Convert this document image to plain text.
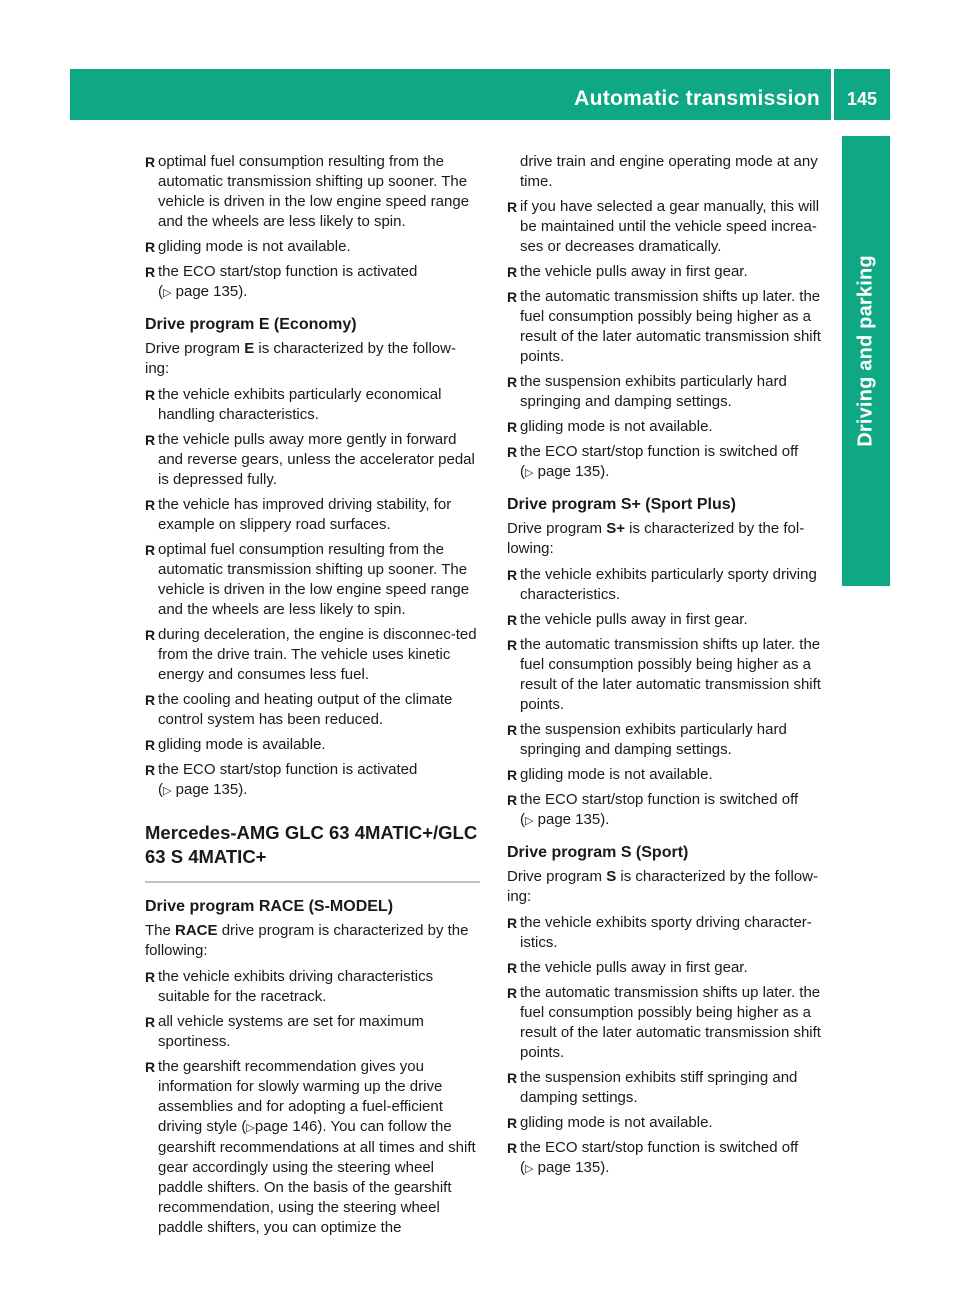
Automatic transmission	145
Driving and parking
R optimal fuel consumption resulting from the automatic transmission shifting up sooner. The vehicle is driven in the low engine speed range and the wheels are less likely to spin.
R gliding mode is not available.
R the ECO start/stop function is activated
(▷ page 135).
Drive program E (Economy)

Drive program E is characterized by the follow-ing:

R the vehicle exhibits particularly economical handling characteristics.
R the vehicle pulls away more gently in forward and reverse gears, unless the accelerator pedal is depressed fully.
R the vehicle has improved driving stability, for example on slippery road surfaces.
R optimal fuel consumption resulting from the automatic transmission shifting up sooner. The vehicle is driven in the low engine speed range and the wheels are less likely to spin.
R during deceleration, the engine is disconnec-ted from the drive train. The vehicle uses kinetic energy and consumes less fuel.
R the cooling and heating output of the climate control system has been reduced.
R gliding mode is available.
R the ECO start/stop function is activated
(▷ page 135).
Mercedes-AMG GLC 63 4MATIC+/GLC 63 S 4MATIC+
Drive program RACE (S-MODEL)

The RACE drive program is characterized by the following:

R the vehicle exhibits driving characteristics suitable for the racetrack.
R all vehicle systems are set for maximum sportiness.
R the gearshift recommendation gives you information for slowly warming up the drive assemblies and for adopting a fuel-efficient driving style (▷page 146). You can follow the gearshift recommendations at all times and shift gear accordingly using the steering wheel paddle shifters. On the basis of the gearshift recommendation, using the steering wheel paddle shifters, you can optimize the

drive train and engine operating mode at any time.

R if you have selected a gear manually, this will be maintained until the vehicle speed increa-ses or decreases dramatically.
R the vehicle pulls away in first gear.
R the automatic transmission shifts up later. the fuel consumption possibly being higher as a result of the later automatic transmission shift points.
R the suspension exhibits particularly hard springing and damping settings.
R gliding mode is not available.
R the ECO start/stop function is switched off
(▷ page 135).
Drive program S+ (Sport Plus)

Drive program S+ is characterized by the fol-lowing:

R the vehicle exhibits particularly sporty driving characteristics.
R the vehicle pulls away in first gear.
R the automatic transmission shifts up later. the fuel consumption possibly being higher as a result of the later automatic transmission shift points.
R the suspension exhibits particularly hard springing and damping settings.
R gliding mode is not available.
R the ECO start/stop function is switched off
(▷ page 135).
Drive program S (Sport)

Drive program S is characterized by the follow-ing:

R the vehicle exhibits sporty driving character-istics.
R the vehicle pulls away in first gear.
R the automatic transmission shifts up later. the fuel consumption possibly being higher as a result of the later automatic transmission shift points.
R the suspension exhibits stiff springing and damping settings.
R gliding mode is not available.
R the ECO start/stop function is switched off
(▷ page 135).
